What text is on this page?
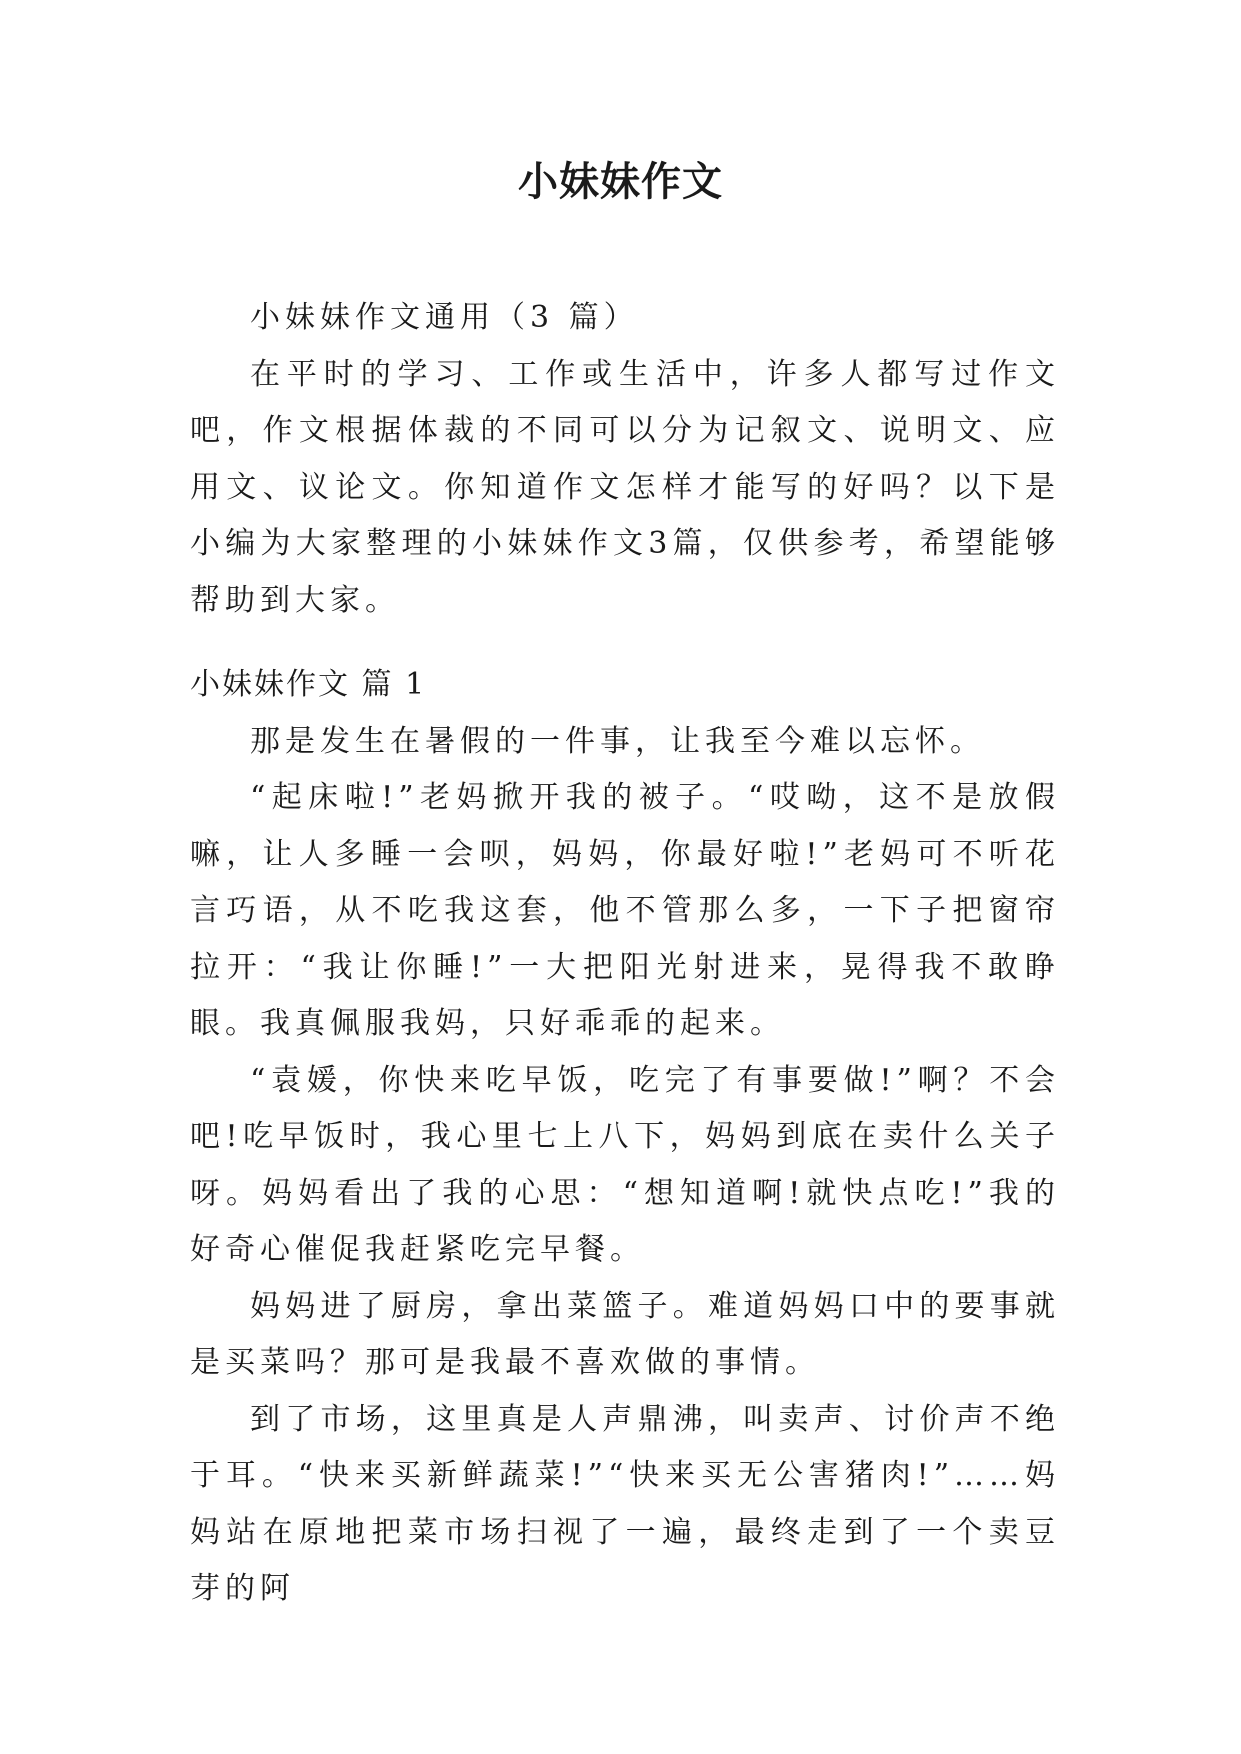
小妹妹作文

小妹妹作文通用（3 篇）

在平时的学习、工作或生活中，许多人都写过作文吧，作文根据体裁的不同可以分为记叙文、说明文、应用文、议论文。你知道作文怎样才能写的好吗？以下是小编为大家整理的小妹妹作文3篇，仅供参考，希望能够帮助到大家。

小妹妹作文 篇 1

那是发生在暑假的一件事，让我至今难以忘怀。

“起床啦!”老妈掀开我的被子。“哎呦，这不是放假嘛，让人多睡一会呗，妈妈，你最好啦!”老妈可不听花言巧语，从不吃我这套，他不管那么多，一下子把窗帘拉开：“我让你睡!”一大把阳光射进来，晃得我不敢睁眼。我真佩服我妈，只好乖乖的起来。

“袁媛，你快来吃早饭，吃完了有事要做!”啊？不会吧!吃早饭时，我心里七上八下，妈妈到底在卖什么关子呀。妈妈看出了我的心思：“想知道啊!就快点吃!”我的好奇心催促我赶紧吃完早餐。

妈妈进了厨房，拿出菜篮子。难道妈妈口中的要事就是买菜吗？那可是我最不喜欢做的事情。

到了市场，这里真是人声鼎沸，叫卖声、讨价声不绝于耳。“快来买新鲜蔬菜!”“快来买无公害猪肉!”……妈妈站在原地把菜市场扫视了一遍，最终走到了一个卖豆芽的阿
